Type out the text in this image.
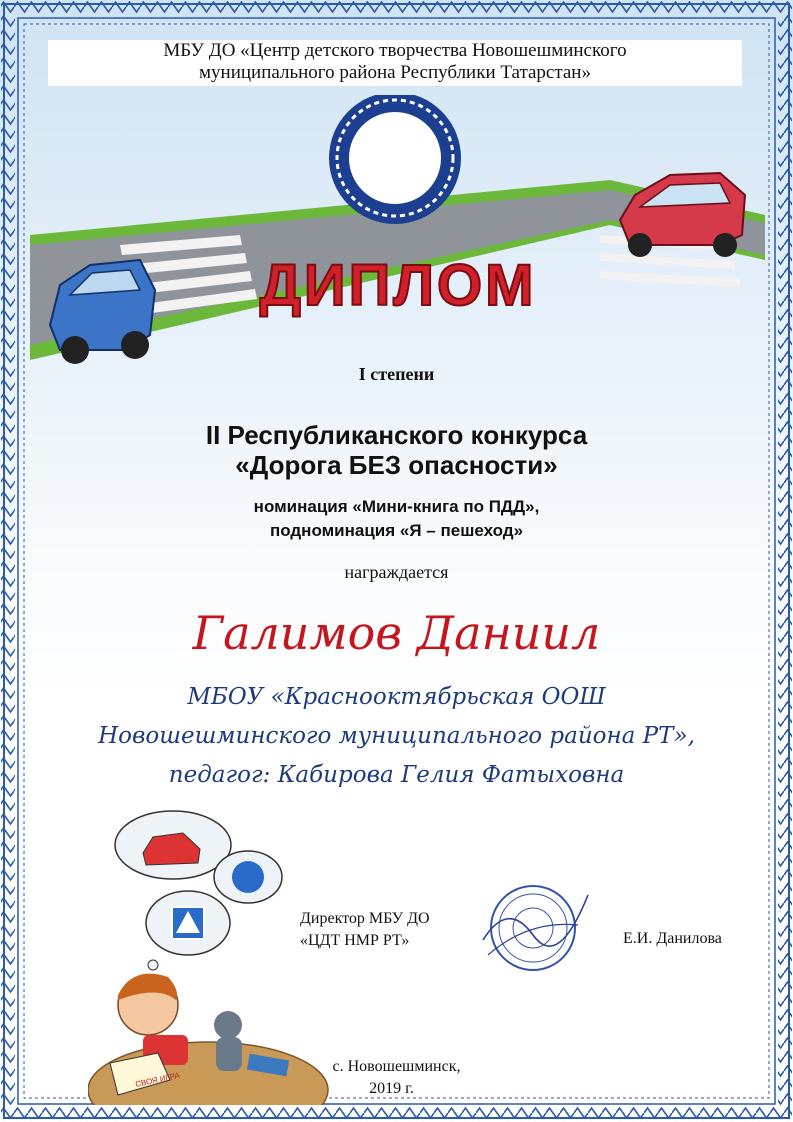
МБУ ДО «Центр детского творчества Новошешминского
муниципального района Республики Татарстан»
ДИПЛОМ
I степени
II Республиканского конкурса
«Дорога БЕЗ опасности»
номинация «Мини-книга по ПДД»,
подноминация «Я – пешеход»
награждается
Галимов Даниил
МБОУ «Краснооктябрьская ООШ
Новошешминского муниципального района РТ»,
педагог: Кабирова Гелия Фатыховна
СВОЯ ИГРА
Директор МБУ ДО
«ЦДТ НМР РТ»	Е.И. Данилова
с. Новошешминск,
2019 г.
